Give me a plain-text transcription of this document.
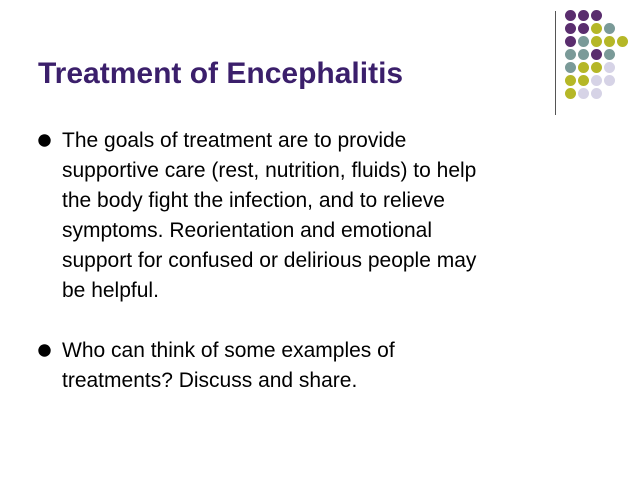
Treatment of Encephalitis
The goals of treatment are to provide
supportive care (rest, nutrition, fluids) to help
the body fight the infection, and to relieve
symptoms. Reorientation and emotional
support for confused or delirious people may
be helpful.
Who can think of some examples of
treatments? Discuss and share.
